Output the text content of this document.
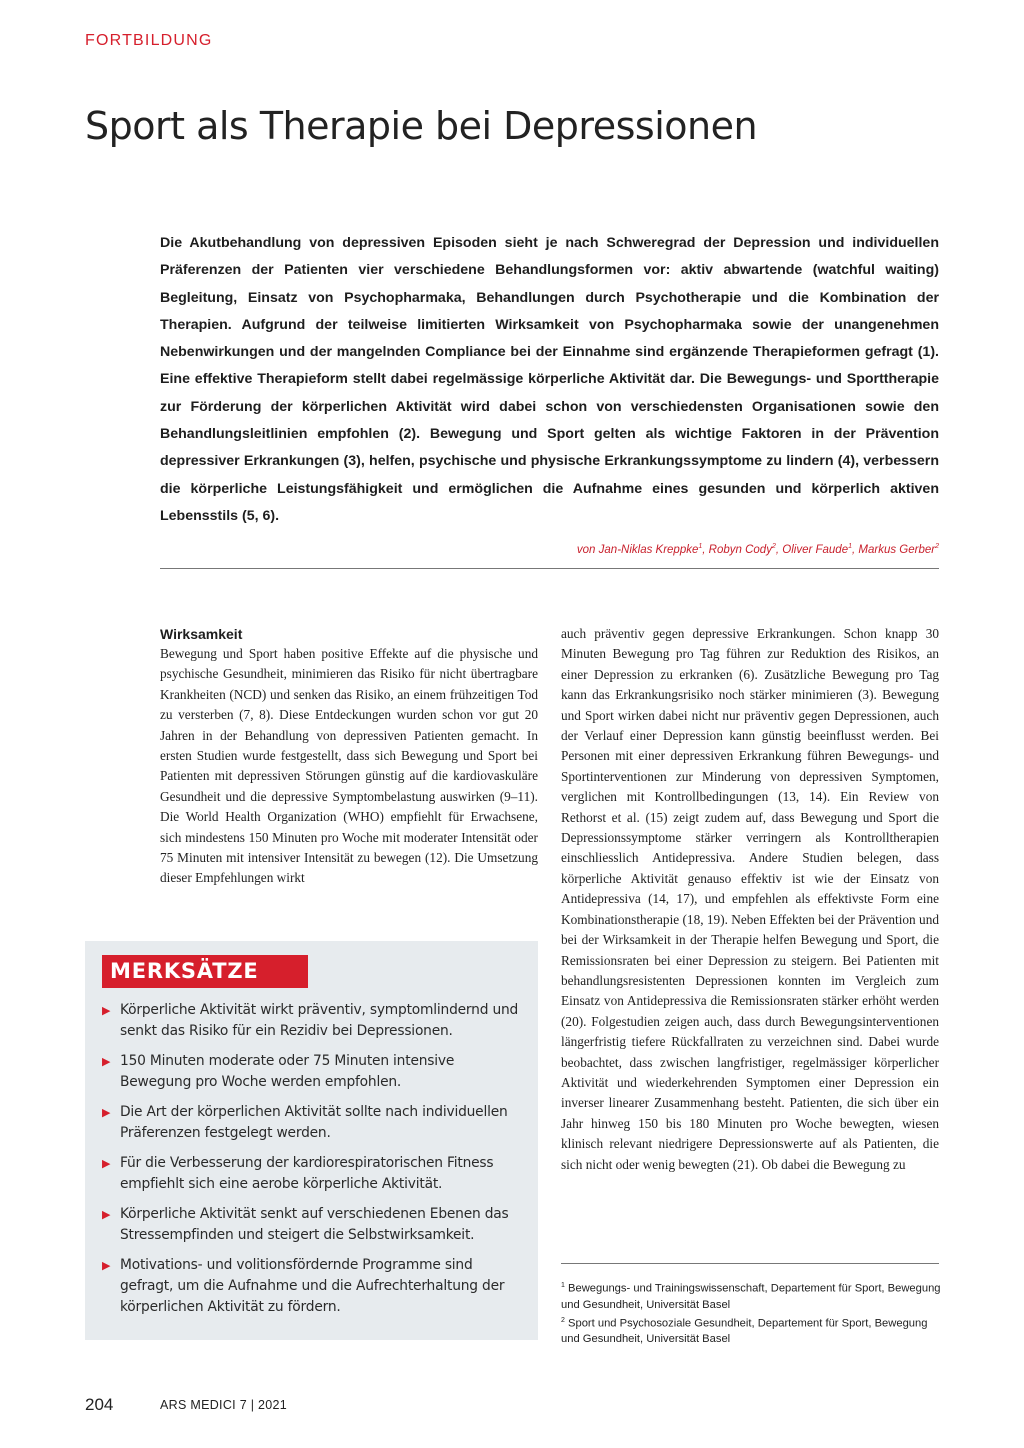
FORTBILDUNG
Sport als Therapie bei Depressionen
Die Akutbehandlung von depressiven Episoden sieht je nach Schweregrad der Depression und individuellen Präferenzen der Patienten vier verschiedene Behandlungsformen vor: aktiv abwartende (watchful waiting) Begleitung, Einsatz von Psychopharmaka, Behandlungen durch Psychotherapie und die Kombination der Therapien. Aufgrund der teilweise limitierten Wirksamkeit von Psychopharmaka sowie der unangenehmen Nebenwirkungen und der mangelnden Compliance bei der Einnahme sind ergänzende Therapieformen gefragt (1). Eine effektive Therapieform stellt dabei regelmässige körperliche Aktivität dar. Die Bewegungs- und Sporttherapie zur Förderung der körperlichen Aktivität wird dabei schon von verschiedensten Organisationen sowie den Behandlungsleitlinien empfohlen (2). Bewegung und Sport gelten als wichtige Faktoren in der Prävention depressiver Erkrankungen (3), helfen, psychische und physische Erkrankungssymptome zu lindern (4), verbessern die körperliche Leistungsfähigkeit und ermöglichen die Aufnahme eines gesunden und körperlich aktiven Lebensstils (5, 6).
von Jan-Niklas Kreppke$^1$, Robyn Cody$^2$, Oliver Faude$^1$, Markus Gerber$^2$
Wirksamkeit

Bewegung und Sport haben positive Effekte auf die physische und psychische Gesundheit, minimieren das Risiko für nicht übertragbare Krankheiten (NCD) und senken das Risiko, an einem frühzeitigen Tod zu versterben (7, 8). Diese Entdeckungen wurden schon vor gut 20 Jahren in der Behandlung von depressiven Patienten gemacht. In ersten Studien wurde festgestellt, dass sich Bewegung und Sport bei Patienten mit depressiven Störungen günstig auf die kardiovaskuläre Gesundheit und die depressive Symptombelastung auswirken (9–11). Die World Health Organization (WHO) empfiehlt für Erwachsene, sich mindestens 150 Minuten pro Woche mit moderater Intensität oder 75 Minuten mit intensiver Intensität zu bewegen (12). Die Umsetzung dieser Empfehlungen wirkt

auch präventiv gegen depressive Erkrankungen. Schon knapp 30 Minuten Bewegung pro Tag führen zur Reduktion des Risikos, an einer Depression zu erkranken (6). Zusätzliche Bewegung pro Tag kann das Erkrankungsrisiko noch stärker minimieren (3). Bewegung und Sport wirken dabei nicht nur präventiv gegen Depressionen, auch der Verlauf einer Depression kann günstig beeinflusst werden. Bei Personen mit einer depressiven Erkrankung führen Bewegungs- und Sportinterventionen zur Minderung von depressiven Symptomen, verglichen mit Kontrollbedingungen (13, 14). Ein Review von Rethorst et al. (15) zeigt zudem auf, dass Bewegung und Sport die Depressionssymptome stärker verringern als Kontrolltherapien einschliesslich Antidepressiva. Andere Studien belegen, dass körperliche Aktivität genauso effektiv ist wie der Einsatz von Antidepressiva (14, 17), und empfehlen als effektivste Form eine Kombinationstherapie (18, 19). Neben Effekten bei der Prävention und bei der Wirksamkeit in der Therapie helfen Bewegung und Sport, die Remissionsraten bei einer Depression zu steigern. Bei Patienten mit behandlungsresistenten Depressionen konnten im Vergleich zum Einsatz von Antidepressiva die Remissionsraten stärker erhöht werden (20). Folgestudien zeigen auch, dass durch Bewegungsinterventionen längerfristig tiefere Rückfallraten zu verzeichnen sind. Dabei wurde beobachtet, dass zwischen langfristiger, regelmässiger körperlicher Aktivität und wiederkehrenden Symptomen einer Depression ein inverser linearer Zusammenhang besteht. Patienten, die sich über ein Jahr hinweg 150 bis 180 Minuten pro Woche bewegten, wiesen klinisch relevant niedrigere Depressionswerte auf als Patienten, die sich nicht oder wenig bewegten (21). Ob dabei die Bewegung zu

MERKSÄTZE
▶ Körperliche Aktivität wirkt präventiv, symptomlindernd und senkt das Risiko für ein Rezidiv bei Depressionen.
▶ 150 Minuten moderate oder 75 Minuten intensive Bewegung pro Woche werden empfohlen.
▶ Die Art der körperlichen Aktivität sollte nach individuellen Präferenzen festgelegt werden.
▶ Für die Verbesserung der kardiorespiratorischen Fitness empfiehlt sich eine aerobe körperliche Aktivität.
▶ Körperliche Aktivität senkt auf verschiedenen Ebenen das Stressempfinden und steigert die Selbstwirksamkeit.
▶ Motivations- und volitionsfördernde Programme sind gefragt, um die Aufnahme und die Aufrechterhaltung der körperlichen Aktivität zu fördern.

$^1$ Bewegungs- und Trainingswissenschaft, Departement für Sport, Bewegung und Gesundheit, Universität Basel

$^2$ Sport und Psychosoziale Gesundheit, Departement für Sport, Bewegung und Gesundheit, Universität Basel

204	ARS MEDICI 7 | 2021
